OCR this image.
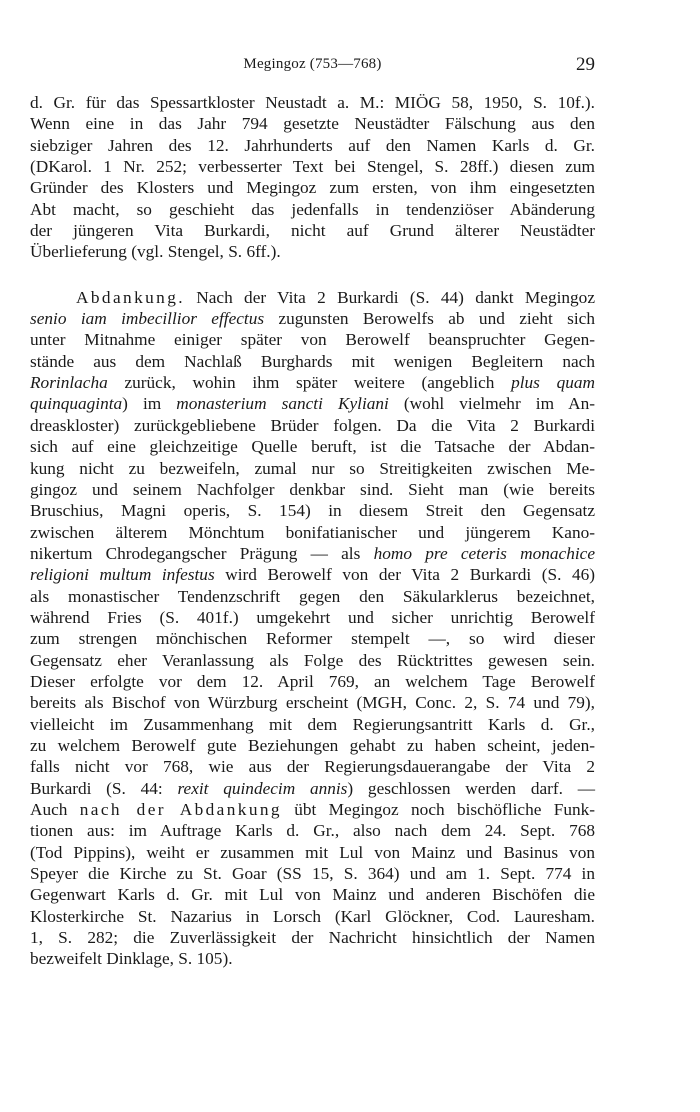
Megingoz (753—768)	29
d. Gr. für das Spessartkloster Neustadt a. M.: MIÖG 58, 1950, S. 10f.).
Wenn eine in das Jahr 794 gesetzte Neustädter Fälschung aus den
siebziger Jahren des 12. Jahrhunderts auf den Namen Karls d. Gr.
(DKarol. 1 Nr. 252; verbesserter Text bei Stengel, S. 28ff.) diesen zum
Gründer des Klosters und Megingoz zum ersten, von ihm eingesetzten
Abt macht, so geschieht das jedenfalls in tendenziöser Abänderung
der jüngeren Vita Burkardi, nicht auf Grund älterer Neustädter
Überlieferung (vgl. Stengel, S. 6ff.).
Abdankung. Nach der Vita 2 Burkardi (S. 44) dankt Megingoz
senio iam imbecillior effectus zugunsten Berowelfs ab und zieht sich
unter Mitnahme einiger später von Berowelf beanspruchter Gegen-
stände aus dem Nachlaß Burghards mit wenigen Begleitern nach
Rorinlacha zurück, wohin ihm später weitere (angeblich plus quam
quinquaginta) im monasterium sancti Kyliani (wohl vielmehr im An-
dreaskloster) zurückgebliebene Brüder folgen. Da die Vita 2 Burkardi
sich auf eine gleichzeitige Quelle beruft, ist die Tatsache der Abdan-
kung nicht zu bezweifeln, zumal nur so Streitigkeiten zwischen Me-
gingoz und seinem Nachfolger denkbar sind. Sieht man (wie bereits
Bruschius, Magni operis, S. 154) in diesem Streit den Gegensatz
zwischen älterem Mönchtum bonifatianischer und jüngerem Kano-
nikertum Chrodegangscher Prägung — als homo pre ceteris monachice
religioni multum infestus wird Berowelf von der Vita 2 Burkardi (S. 46)
als monastischer Tendenzschrift gegen den Säkularklerus bezeichnet,
während Fries (S. 401f.) umgekehrt und sicher unrichtig Berowelf
zum strengen mönchischen Reformer stempelt —, so wird dieser
Gegensatz eher Veranlassung als Folge des Rücktrittes gewesen sein.
Dieser erfolgte vor dem 12. April 769, an welchem Tage Berowelf
bereits als Bischof von Würzburg erscheint (MGH, Conc. 2, S. 74 und 79),
vielleicht im Zusammenhang mit dem Regierungsantritt Karls d. Gr.,
zu welchem Berowelf gute Beziehungen gehabt zu haben scheint, jeden-
falls nicht vor 768, wie aus der Regierungsdauerangabe der Vita 2
Burkardi (S. 44: rexit quindecim annis) geschlossen werden darf. —
Auch nach der Abdankung übt Megingoz noch bischöfliche Funk-
tionen aus: im Auftrage Karls d. Gr., also nach dem 24. Sept. 768
(Tod Pippins), weiht er zusammen mit Lul von Mainz und Basinus von
Speyer die Kirche zu St. Goar (SS 15, S. 364) und am 1. Sept. 774 in
Gegenwart Karls d. Gr. mit Lul von Mainz und anderen Bischöfen die
Klosterkirche St. Nazarius in Lorsch (Karl Glöckner, Cod. Lauresham.
1, S. 282; die Zuverlässigkeit der Nachricht hinsichtlich der Namen
bezweifelt Dinklage, S. 105).
